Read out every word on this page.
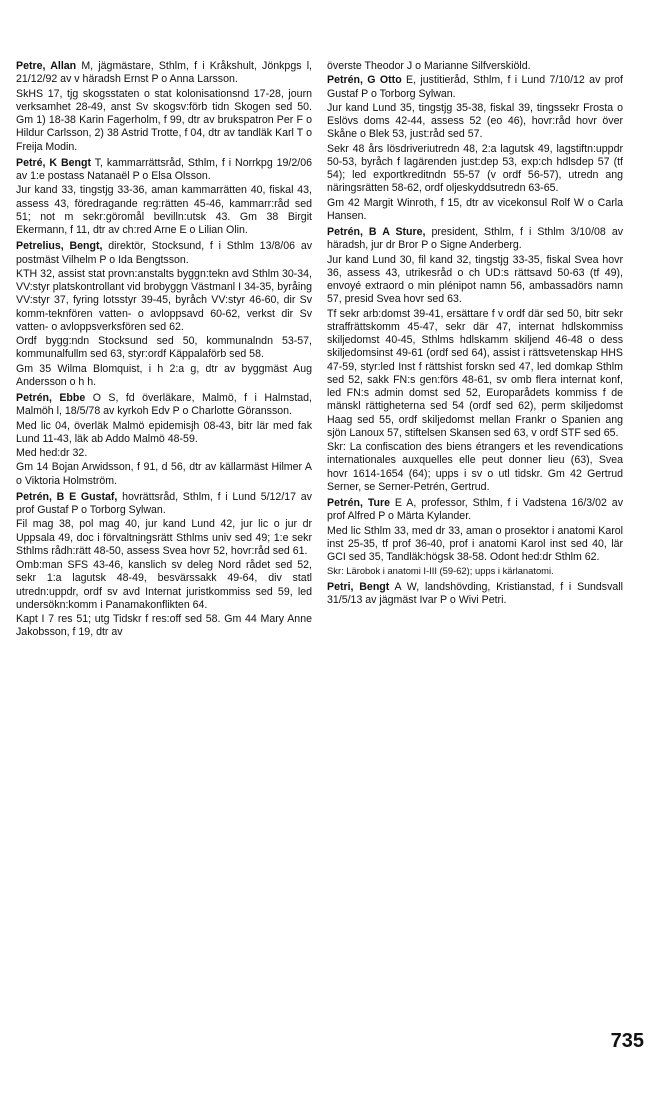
Petre, Allan M, jägmästare, Sthlm, f i Kråkshult, Jönkpgs l, 21/12/92 av v häradsh Ernst P o Anna Larsson.
SkHS 17, tjg skogsstaten o stat kolonisationsnd 17-28, journ verksamhet 28-49, anst Sv skogsv:förb tidn Skogen sed 50. Gm 1) 18-38 Karin Fagerholm, f 99, dtr av brukspatron Per F o Hildur Carlsson, 2) 38 Astrid Trotte, f 04, dtr av tandläk Karl T o Freija Modin.
Petré, K Bengt T, kammarrättsråd, Sthlm, f i Norrkpg 19/2/06 av 1:e postass Natanaël P o Elsa Olsson.
Jur kand 33, tingstjg 33-36, aman kammarrätten 40, fiskal 43, assess 43, föredragande reg:rätten 45-46, kammarr:råd sed 51; not m sekr:göromål bevilln:utsk 43. Gm 38 Birgit Ekermann, f 11, dtr av ch:red Arne E o Lilian Olin.
Petrelius, Bengt, direktör, Stocksund, f i Sthlm 13/8/06 av postmäst Vilhelm P o Ida Bengtsson.
KTH 32, assist stat provn:anstalts byggn:tekn avd Sthlm 30-34, VV:styr platskontrollant vid brobyggn Västmanl I 34-35, byråing VV:styr 37, fyring lotsstyr 39-45, byråch VV:styr 46-60, dir Sv komm-teknfören vatten- o avloppsavd 60-62, verkst dir Sv vatten- o avloppsverksfören sed 62.
Ordf bygg:ndn Stocksund sed 50, kommunalndn 53-57, kommunalfullm sed 63, styr:ordf Käppalaförb sed 58.
Gm 35 Wilma Blomquist, i h 2:a g, dtr av byggmäst Aug Andersson o h h.
Petrén, Ebbe O S, fd överläkare, Malmö, f i Halmstad, Malmöh l, 18/5/78 av kyrkoh Edv P o Charlotte Göransson.
Med lic 04, överläk Malmö epidemisjh 08-43, bitr lär med fak Lund 11-43, läk ab Addo Malmö 48-59.
Med hed:dr 32.
Gm 14 Bojan Arwidsson, f 91, d 56, dtr av källarmäst Hilmer A o Viktoria Holmström.
Petrén, B E Gustaf, hovrättsråd, Sthlm, f i Lund 5/12/17 av prof Gustaf P o Torborg Sylwan.
Fil mag 38, pol mag 40, jur kand Lund 42, jur lic o jur dr Uppsala 49, doc i förvaltningsrätt Sthlms univ sed 49; 1:e sekr Sthlms rådh:rätt 48-50, assess Svea hovr 52, hovr:råd sed 61.
Omb:man SFS 43-46, kanslich sv deleg Nord rådet sed 52, sekr 1:a lagutsk 48-49, besvärssakk 49-64, div statl utredn:uppdr, ordf sv avd Internat juristkommiss sed 59, led undersökn:komm i Panamakonflikten 64.
Kapt I 7 res 51; utg Tidskr f res:off sed 58. Gm 44 Mary Anne Jakobsson, f 19, dtr av
överste Theodor J o Marianne Silfverskiöld.
Petrén, G Otto E, justitieråd, Sthlm, f i Lund 7/10/12 av prof Gustaf P o Torborg Sylwan.
Jur kand Lund 35, tingstjg 35-38, fiskal 39, tingssekr Frosta o Eslövs doms 42-44, assess 52 (eo 46), hovr:råd hovr över Skåne o Blek 53, just:råd sed 57.
Sekr 48 års lösdriveriutredn 48, 2:a lagutsk 49, lagstiftn:uppdr 50-53, byråch f lagärenden just:dep 53, exp:ch hdlsdep 57 (tf 54); led exportkreditndn 55-57 (v ordf 56-57), utredn ang näringsrätten 58-62, ordf oljeskyddsutredn 63-65.
Gm 42 Margit Winroth, f 15, dtr av vicekonsul Rolf W o Carla Hansen.
Petrén, B A Sture, president, Sthlm, f i Sthlm 3/10/08 av häradsh, jur dr Bror P o Signe Anderberg.
Jur kand Lund 30, fil kand 32, tingstjg 33-35, fiskal Svea hovr 36, assess 43, utrikesråd o ch UD:s rättsavd 50-63 (tf 49), envoyé extraord o min plénipot namn 56, ambassadörs namn 57, presid Svea hovr sed 63.
Tf sekr arb:domst 39-41, ersättare f v ordf där sed 50, bitr sekr straffrättskomm 45-47, sekr där 47, internat hdlskommiss skiljedomst 40-45, Sthlms hdlskamm skiljend 46-48 o dess skiljedomsinst 49-61 (ordf sed 64), assist i rättsvetenskap HHS 47-59, styr:led Inst f rättshist forskn sed 47, led domkap Sthlm sed 52, sakk FN:s gen:förs 48-61, sv omb flera internat konf, led FN:s admin domst sed 52, Europarådets kommiss f de mänskl rättigheterna sed 54 (ordf sed 62), perm skiljedomst Haag sed 55, ordf skiljedomst mellan Frankr o Spanien ang sjön Lanoux 57, stiftelsen Skansen sed 63, v ordf STF sed 65.
Skr: La confiscation des biens étrangers et les revendications internationales auxquelles elle peut donner lieu (63), Svea hovr 1614-1654 (64); upps i sv o utl tidskr. Gm 42 Gertrud Serner, se Serner-Petrén, Gertrud.
Petrén, Ture E A, professor, Sthlm, f i Vadstena 16/3/02 av prof Alfred P o Märta Kylander.
Med lic Sthlm 33, med dr 33, aman o prosektor i anatomi Karol inst 25-35, tf prof 36-40, prof i anatomi Karol inst sed 40, lär GCI sed 35, Tandläk:högsk 38-58. Odont hed:dr Sthlm 62.
Skr: Lärobok i anatomi I-III (59-62); upps i kärlanatomi.
Petri, Bengt A W, landshövding, Kristianstad, f i Sundsvall 31/5/13 av jägmäst Ivar P o Wivi Petri.
735
